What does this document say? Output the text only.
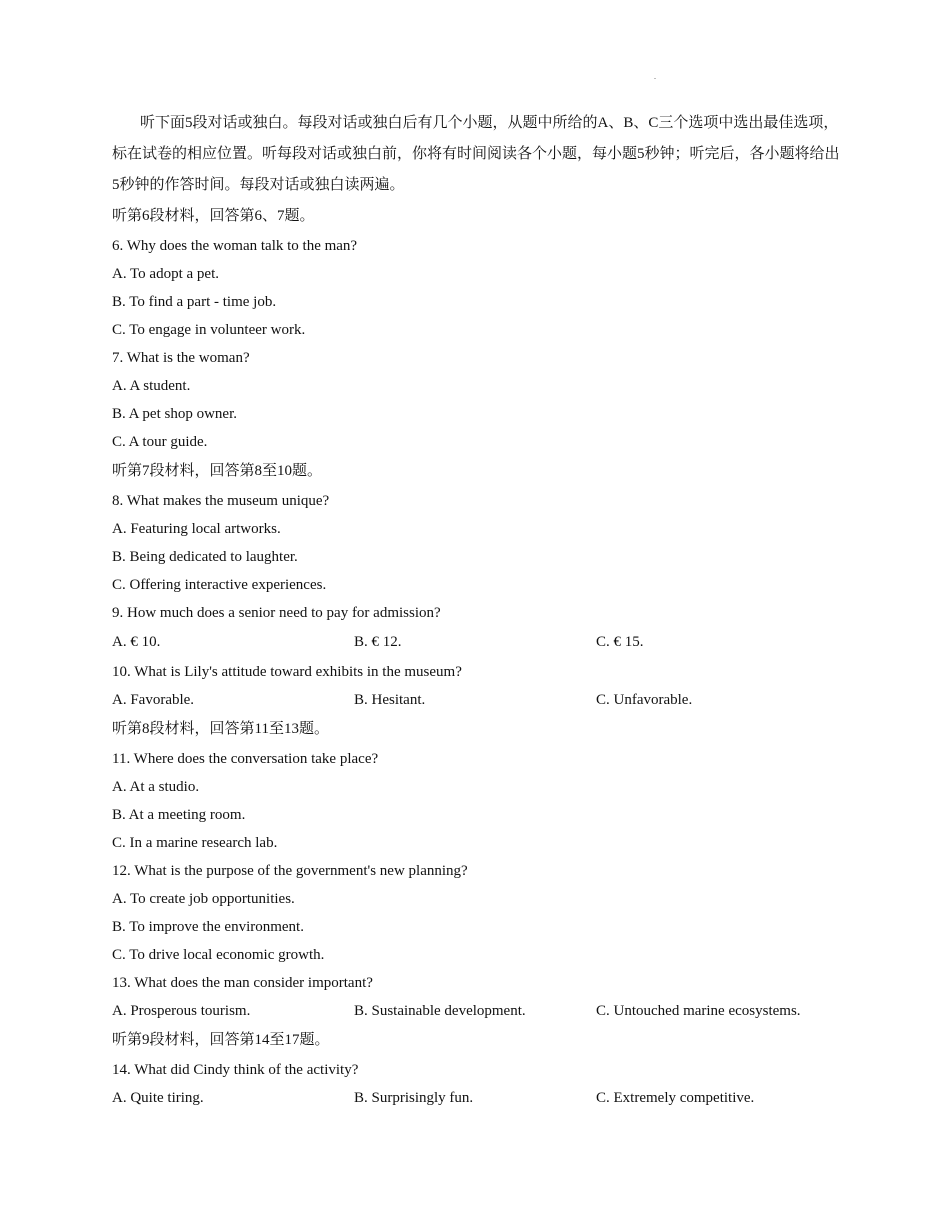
.

听下面5段对话或独白。每段对话或独白后有几个小题，从题中所给的A、B、C三个选项中选出最佳选项，标在试卷的相应位置。听每段对话或独白前，你将有时间阅读各个小题，每小题5秒钟；听完后，各小题将给出5秒钟的作答时间。每段对话或独白读两遍。

听第6段材料，回答第6、7题。
6. Why does the woman talk to the man?
A. To adopt a pet.
B. To find a part - time job.
C. To engage in volunteer work.
7. What is the woman?
A. A student.
B. A pet shop owner.
C. A tour guide.
听第7段材料，回答第8至10题。
8. What makes the museum unique?
A. Featuring local artworks.
B. Being dedicated to laughter.
C. Offering interactive experiences.
9. How much does a senior need to pay for admission?
A. € 10.	B. € 12.	C. € 15.
10. What is Lily's attitude toward exhibits in the museum?
A. Favorable.	B. Hesitant.	C. Unfavorable.
听第8段材料，回答第11至13题。
11. Where does the conversation take place?
A. At a studio.
B. At a meeting room.
C. In a marine research lab.
12. What is the purpose of the government's new planning?
A. To create job opportunities.
B. To improve the environment.
C. To drive local economic growth.
13. What does the man consider important?
A. Prosperous tourism.	B. Sustainable development.	C. Untouched marine ecosystems.
听第9段材料，回答第14至17题。
14. What did Cindy think of the activity?
A. Quite tiring.	B. Surprisingly fun.	C. Extremely competitive.
